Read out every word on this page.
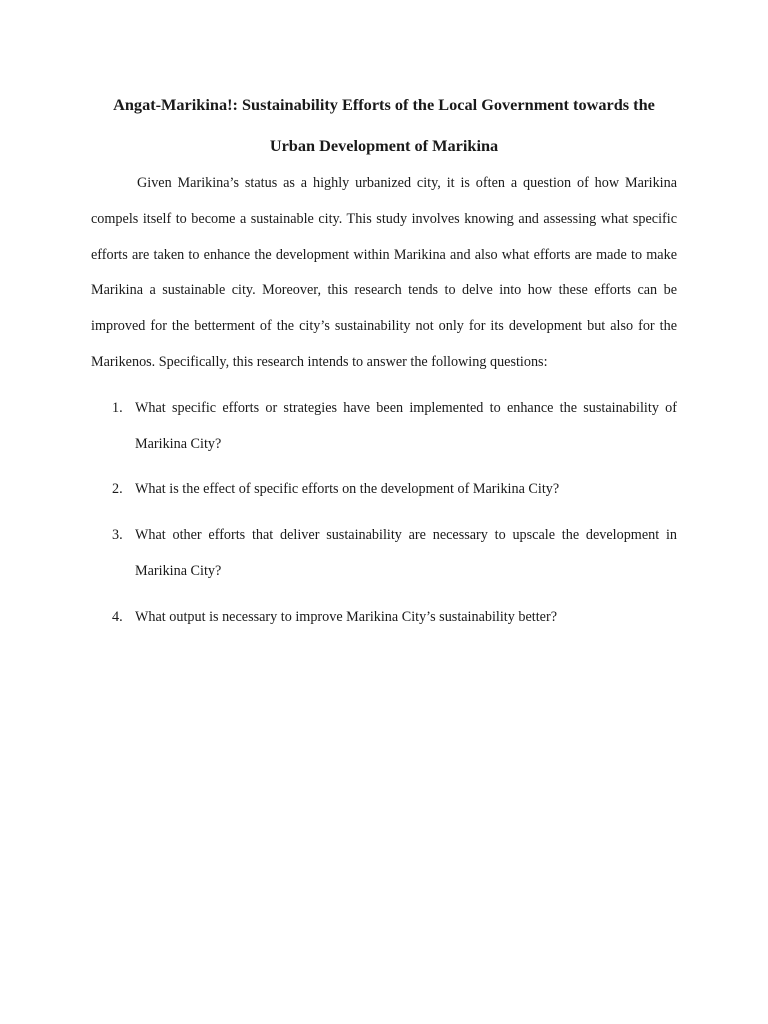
Angat-Marikina!: Sustainability Efforts of the Local Government towards the
Urban Development of Marikina

Given Marikina’s status as a highly urbanized city, it is often a question of how Marikina compels itself to become a sustainable city. This study involves knowing and assessing what specific efforts are taken to enhance the development within Marikina and also what efforts are made to make Marikina a sustainable city. Moreover, this research tends to delve into how these efforts can be improved for the betterment of the city’s sustainability not only for its development but also for the Marikenos. Specifically, this research intends to answer the following questions:

1. What specific efforts or strategies have been implemented to enhance the sustainability of Marikina City?
2. What is the effect of specific efforts on the development of Marikina City?
3. What other efforts that deliver sustainability are necessary to upscale the development in Marikina City?
4. What output is necessary to improve Marikina City’s sustainability better?
